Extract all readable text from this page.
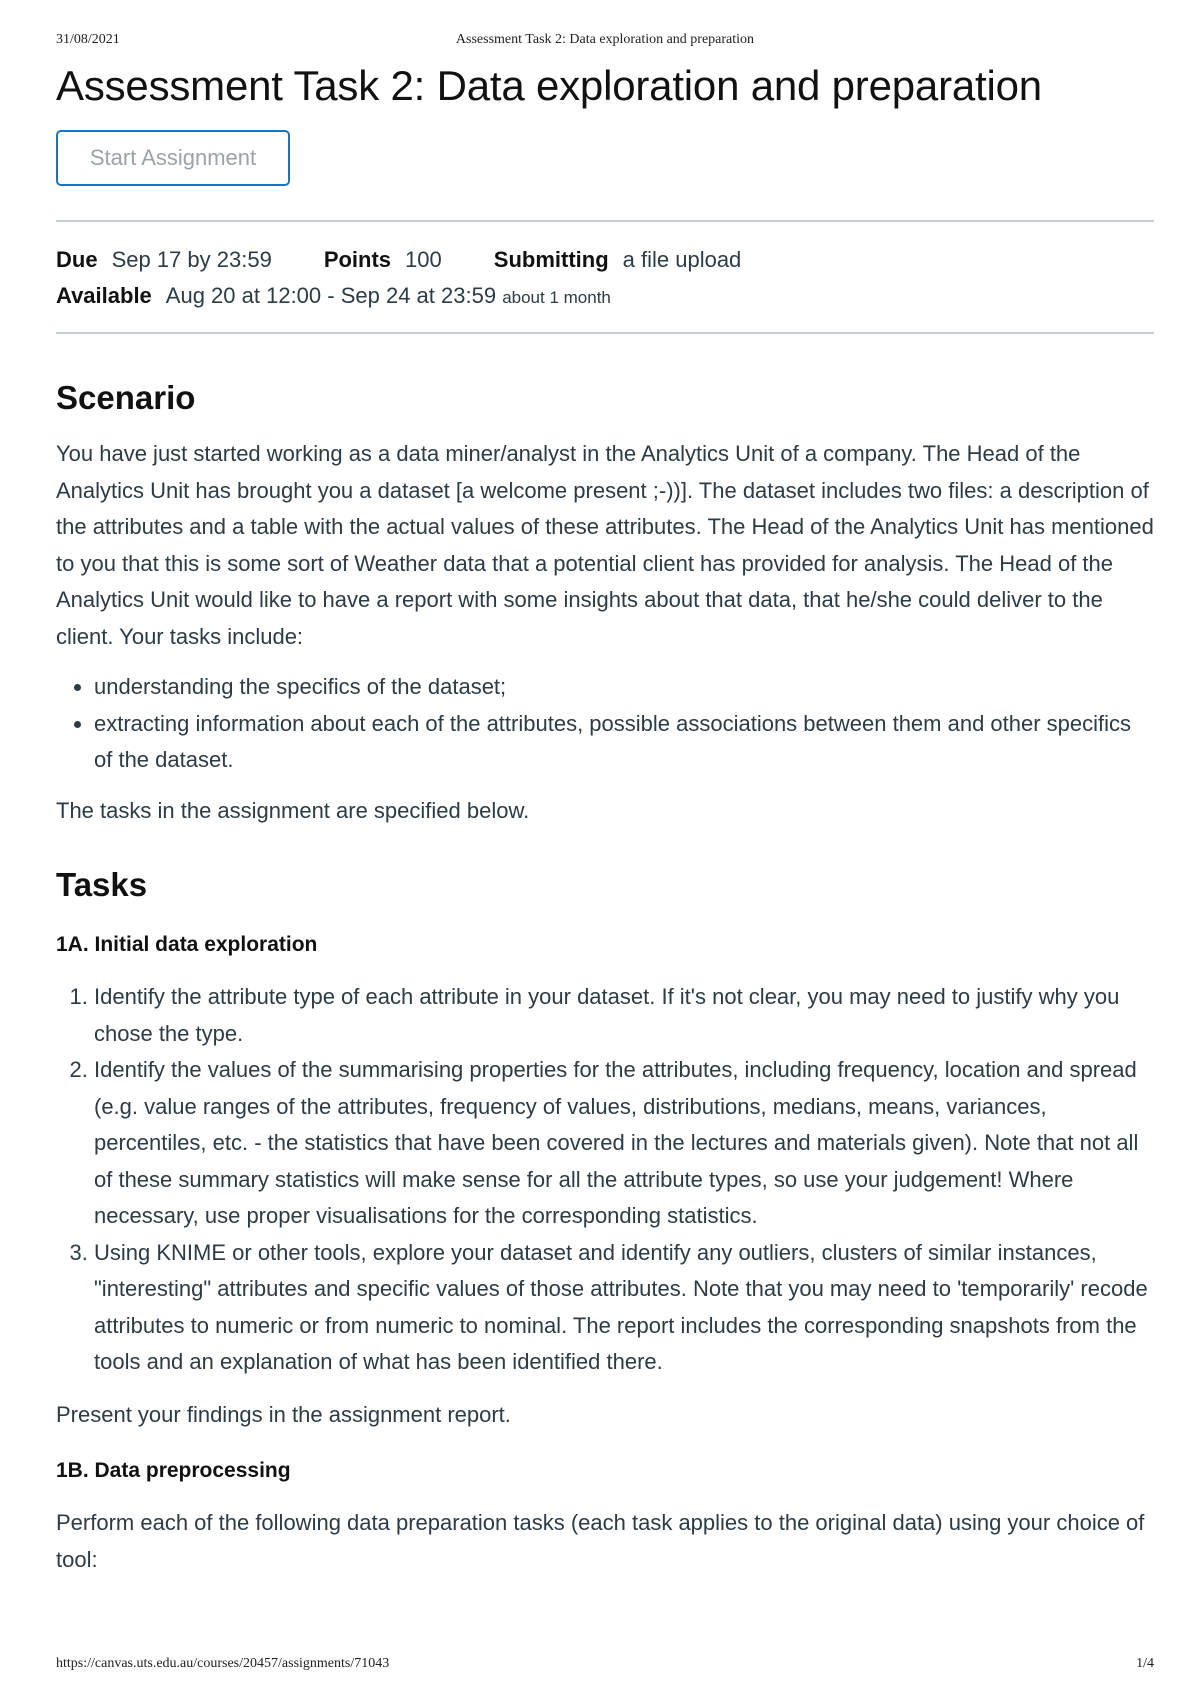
31/08/2021	Assessment Task 2: Data exploration and preparation
Assessment Task 2: Data exploration and preparation
Start Assignment
Due Sep 17 by 23:59 Points 100 Submitting a file upload
Available Aug 20 at 12:00 - Sep 24 at 23:59 about 1 month
Scenario

You have just started working as a data miner/analyst in the Analytics Unit of a company. The Head of the Analytics Unit has brought you a dataset [a welcome present ;-))]. The dataset includes two files: a description of the attributes and a table with the actual values of these attributes. The Head of the Analytics Unit has mentioned to you that this is some sort of Weather data that a potential client has provided for analysis. The Head of the Analytics Unit would like to have a report with some insights about that data, that he/she could deliver to the client. Your tasks include:

• understanding the specifics of the dataset;
• extracting information about each of the attributes, possible associations between them and other specifics of the dataset.

The tasks in the assignment are specified below.

Tasks
1A. Initial data exploration
1. Identify the attribute type of each attribute in your dataset. If it's not clear, you may need to justify why you chose the type.
2. Identify the values of the summarising properties for the attributes, including frequency, location and spread (e.g. value ranges of the attributes, frequency of values, distributions, medians, means, variances, percentiles, etc. - the statistics that have been covered in the lectures and materials given). Note that not all of these summary statistics will make sense for all the attribute types, so use your judgement! Where necessary, use proper visualisations for the corresponding statistics.
3. Using KNIME or other tools, explore your dataset and identify any outliers, clusters of similar instances, "interesting" attributes and specific values of those attributes. Note that you may need to 'temporarily' recode attributes to numeric or from numeric to nominal. The report includes the corresponding snapshots from the tools and an explanation of what has been identified there.

Present your findings in the assignment report.

1B. Data preprocessing

Perform each of the following data preparation tasks (each task applies to the original data) using your choice of tool:

https://canvas.uts.edu.au/courses/20457/assignments/71043	1/4
